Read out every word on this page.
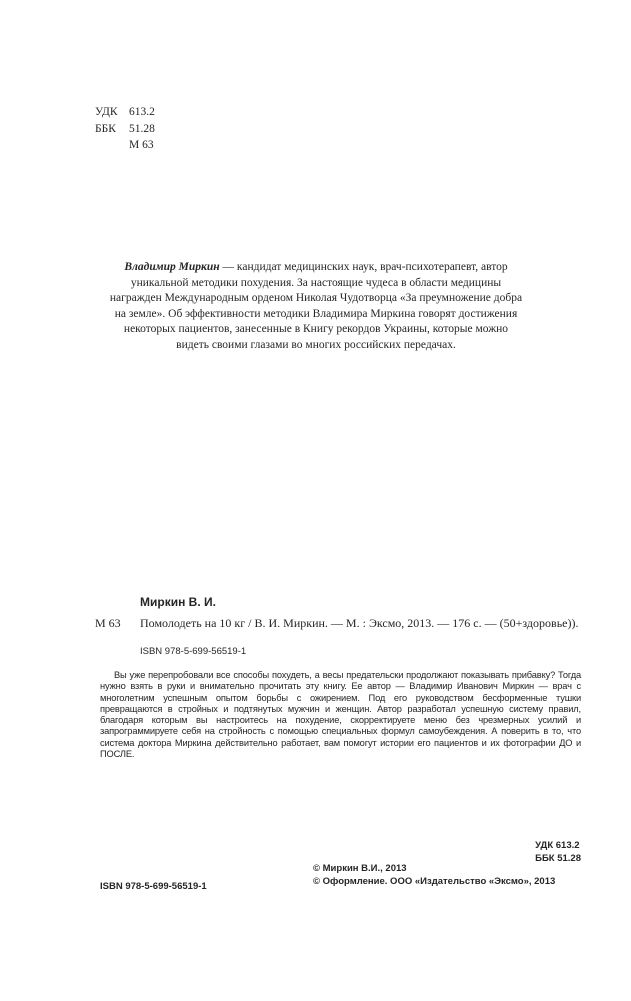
УДК 613.2
ББК 51.28
М 63
Владимир Миркин — кандидат медицинских наук, врач-психотерапевт, автор уникальной методики похудения. За настоящие чудеса в области медицины награжден Международным орденом Николая Чудотворца «За преумножение добра на земле». Об эффективности методики Владимира Миркина говорят достижения некоторых пациентов, занесенные в Книгу рекордов Украины, которые можно видеть своими глазами во многих российских передачах.
Миркин В. И.
М 63 Помолодеть на 10 кг / В. И. Миркин. — М. : Эксмо, 2013. — 176 с. — (50+здоровье)).
ISBN 978-5-699-56519-1
Вы уже перепробовали все способы похудеть, а весы предательски продолжают показывать прибавку? Тогда нужно взять в руки и внимательно прочитать эту книгу. Ее автор — Владимир Иванович Миркин — врач с многолетним успешным опытом борьбы с ожирением. Под его руководством бесформенные тушки превращаются в стройных и подтянутых мужчин и женщин. Автор разработал успешную систему правил, благодаря которым вы настроитесь на похудение, скорректируете меню без чрезмерных усилий и запрограммируете себя на стройность с помощью специальных формул самоубеждения. А поверить в то, что система доктора Миркина действительно работает, вам помогут истории его пациентов и их фотографии ДО и ПОСЛЕ.
УДК 613.2
ББК 51.28
ISBN 978-5-699-56519-1
© Миркин В.И., 2013
© Оформление. ООО «Издательство «Эксмо», 2013
